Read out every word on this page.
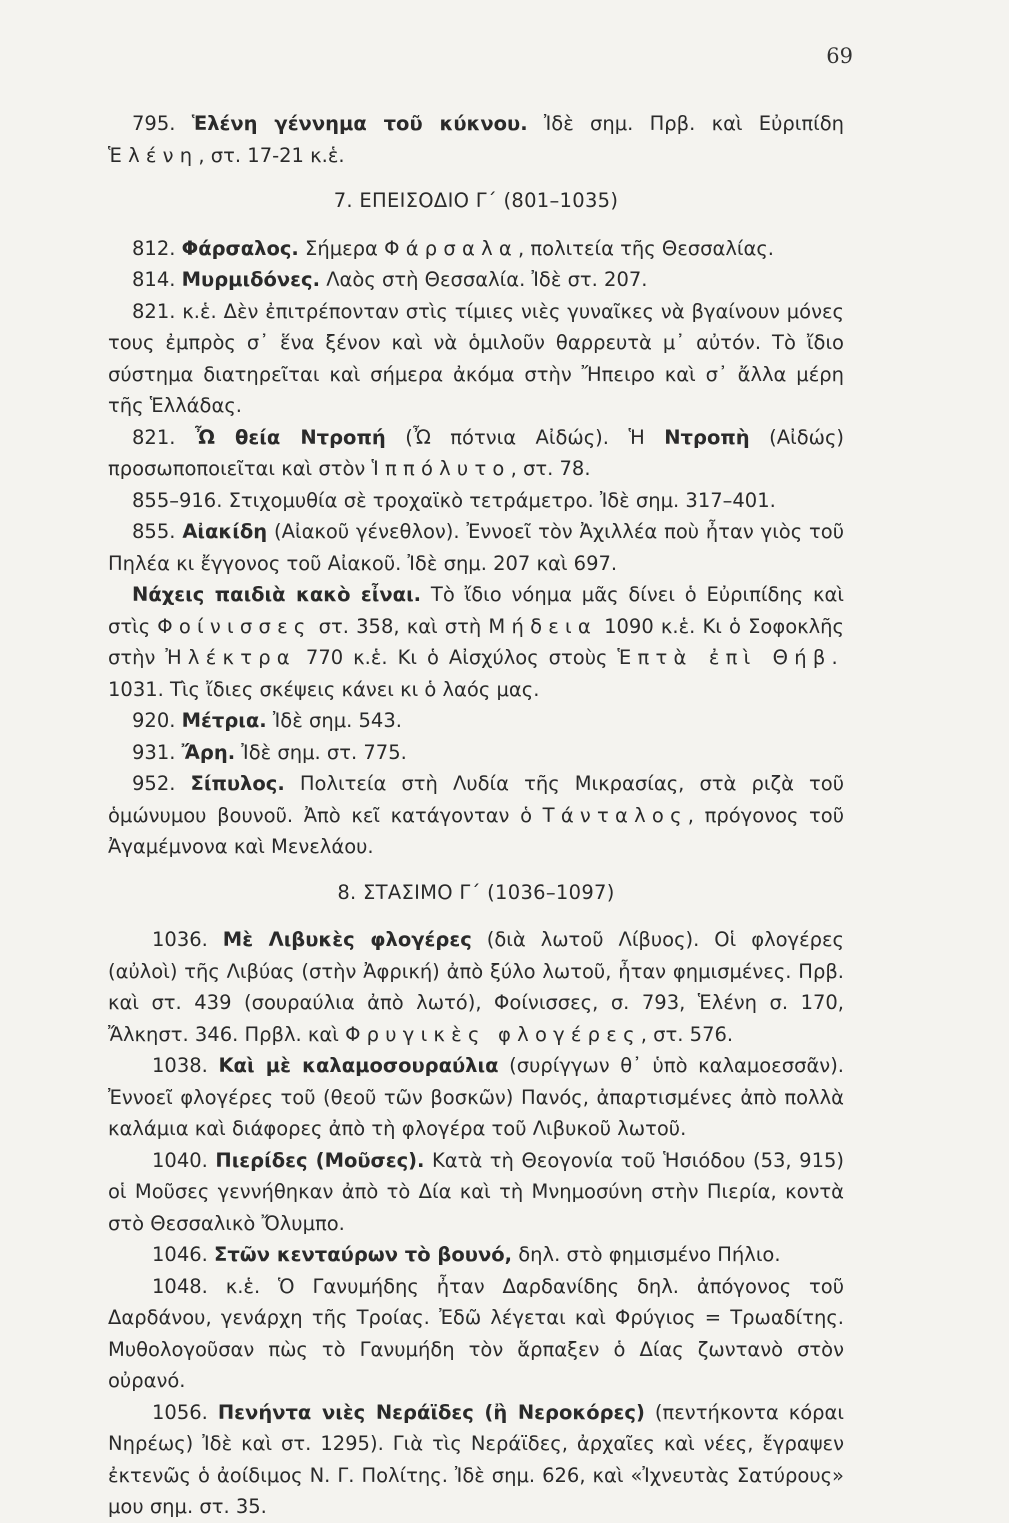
69

795. Ἑλένη γέννημα τοῦ κύκνου. Ἰδὲ σημ. Πρβ. καὶ Εὐριπίδη Ἑλένη, στ. 17-21 κ.ἑ.

7. ΕΠΕΙΣΟΔΙΟ Γ΄ (801–1035)

812. Φάρσαλος. Σήμερα Φάρσαλα, πολιτεία τῆς Θεσσαλίας.

814. Μυρμιδόνες. Λαὸς στὴ Θεσσαλία. Ἰδὲ στ. 207.

821. κ.ἑ. Δὲν ἐπιτρέπονταν στὶς τίμιες νιὲς γυναῖκες νὰ βγαίνουν μόνες τους ἐμπρὸς σ᾽ ἕνα ξένον καὶ νὰ ὁμιλοῦν θαρρευτὰ μ᾽ αὐτόν. Τὸ ἴδιο σύστημα διατηρεῖται καὶ σήμερα ἀκόμα στὴν Ἤπειρο καὶ σ᾽ ἄλλα μέρη τῆς Ἑλλάδας.

821. Ὦ θεία Ντροπή (Ὦ πότνια Αἰδώς). Ἡ Ντροπὴ (Αἰδώς) προσωποποιεῖται καὶ στὸν Ἱππόλυτο, στ. 78.

855–916. Στιχομυθία σὲ τροχαϊκὸ τετράμετρο. Ἰδὲ σημ. 317–401.

855. Αἰακίδη (Αἰακοῦ γένεθλον). Ἐννοεῖ τὸν Ἀχιλλέα ποὺ ἦταν γιὸς τοῦ Πηλέα κι ἔγγονος τοῦ Αἰακοῦ. Ἰδὲ σημ. 207 καὶ 697.

Νάχεις παιδιὰ κακὸ εἶναι. Τὸ ἴδιο νόημα μᾶς δίνει ὁ Εὐριπίδης καὶ στὶς Φοίνισσες στ. 358, καὶ στὴ Μήδεια 1090 κ.ἑ. Κι ὁ Σοφοκλῆς στὴν Ἠλέκτρα 770 κ.ἑ. Κι ὁ Αἰσχύλος στοὺς Ἑπτὰ ἐπὶ Θήβ. 1031. Τὶς ἴδιες σκέψεις κάνει κι ὁ λαός μας.

920. Μέτρια. Ἰδὲ σημ. 543.

931. Ἄρη. Ἰδὲ σημ. στ. 775.

952. Σίπυλος. Πολιτεία στὴ Λυδία τῆς Μικρασίας, στὰ ριζὰ τοῦ ὁμώνυμου βουνοῦ. Ἀπὸ κεῖ κατάγονταν ὁ Τάνταλος, πρόγονος τοῦ Ἀγαμέμνονα καὶ Μενελάου.

8. ΣΤΑΣΙΜΟ Γ΄ (1036–1097)

1036. Μὲ Λιβυκὲς φλογέρες (διὰ λωτοῦ Λίβυος). Οἱ φλογέρες (αὐλοὶ) τῆς Λιβύας (στὴν Ἀφρική) ἀπὸ ξύλο λωτοῦ, ἦταν φημισμένες. Πρβ. καὶ στ. 439 (σουραύλια ἀπὸ λωτό), Φοίνισσες, σ. 793, Ἑλένη σ. 170, Ἄλκηστ. 346. Πρβλ. καὶ Φρυγικὲς φλογέρες, στ. 576.

1038. Καὶ μὲ καλαμοσουραύλια (συρίγγων θ᾽ ὑπὸ καλαμοεσσᾶν). Ἐννοεῖ φλογέρες τοῦ (θεοῦ τῶν βοσκῶν) Πανός, ἀπαρτισμένες ἀπὸ πολλὰ καλάμια καὶ διάφορες ἀπὸ τὴ φλογέρα τοῦ Λιβυκοῦ λωτοῦ.

1040. Πιερίδες (Μοῦσες). Κατὰ τὴ Θεογονία τοῦ Ἡσιόδου (53, 915) οἱ Μοῦσες γεννήθηκαν ἀπὸ τὸ Δία καὶ τὴ Μνημοσύνη στὴν Πιερία, κοντὰ στὸ Θεσσαλικὸ Ὄλυμπο.

1046. Στῶν κενταύρων τὸ βουνό, δηλ. στὸ φημισμένο Πήλιο.

1048. κ.ἑ. Ὁ Γανυμήδης ἦταν Δαρδανίδης δηλ. ἀπόγονος τοῦ Δαρδάνου, γενάρχη τῆς Τροίας. Ἐδῶ λέγεται καὶ Φρύγιος = Τρωαδίτης. Μυθολογοῦσαν πὼς τὸ Γανυμήδη τὸν ἅρπαξεν ὁ Δίας ζωντανὸ στὸν οὐρανό.

1056. Πενήντα νιὲς Νεράϊδες (ἢ Νεροκόρες) (πεντήκοντα κόραι Νηρέως) Ἰδὲ καὶ στ. 1295). Γιὰ τὶς Νεράϊδες, ἀρχαῖες καὶ νέες, ἔγραψεν ἐκτενῶς ὁ ἀοίδιμος Ν. Γ. Πολίτης. Ἰδὲ σημ. 626, καὶ «Ἰχνευτὰς Σατύρους» μου σημ. στ. 35.
